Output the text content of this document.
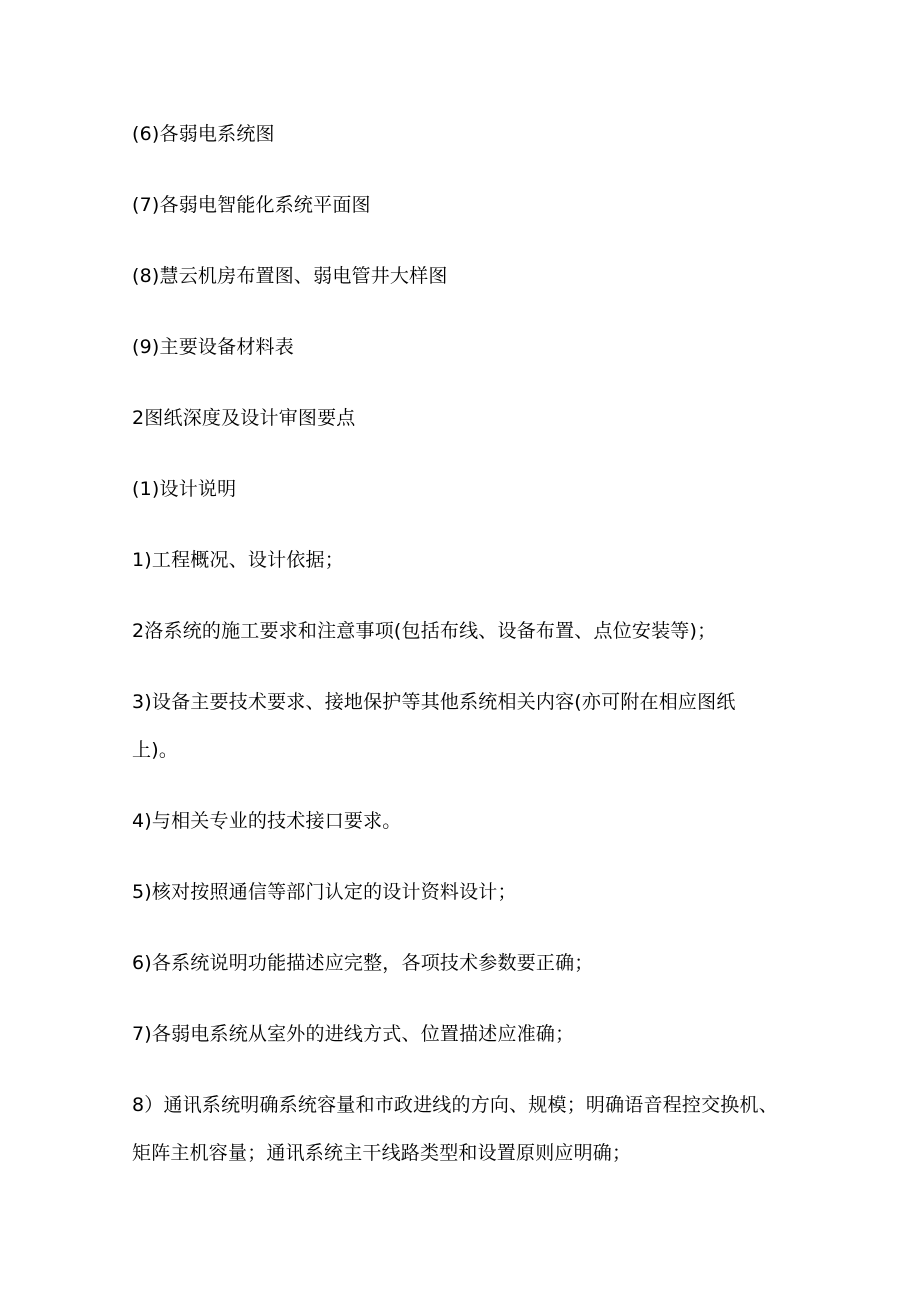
(6)各弱电系统图
(7)各弱电智能化系统平面图
(8)慧云机房布置图、弱电管井大样图
(9)主要设备材料表
2图纸深度及设计审图要点
(1)设计说明
1)工程概况、设计依据；
2洛系统的施工要求和注意事项(包括布线、设备布置、点位安装等)；
3)设备主要技术要求、接地保护等其他系统相关内容(亦可附在相应图纸
上)。
4)与相关专业的技术接口要求。
5)核对按照通信等部门认定的设计资料设计；
6)各系统说明功能描述应完整，各项技术参数要正确；
7)各弱电系统从室外的进线方式、位置描述应准确；
8）通讯系统明确系统容量和市政进线的方向、规模；明确语音程控交换机、
矩阵主机容量；通讯系统主干线路类型和设置原则应明确；
